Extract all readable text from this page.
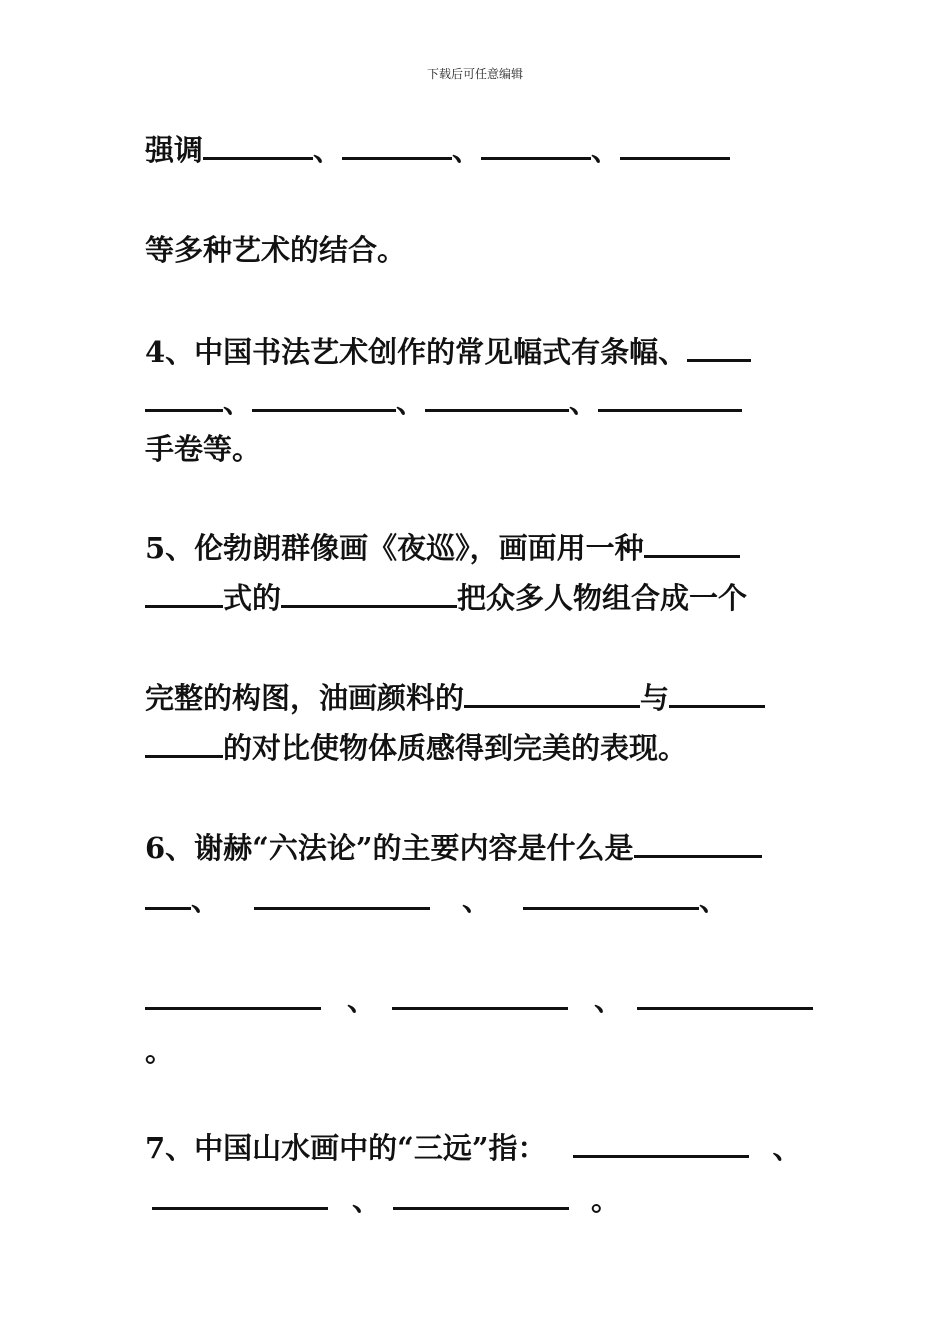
下载后可任意编辑
强调	、	、	、
等多种艺术的结合。
4、中国书法艺术创作的常见幅式有条幅、
、	、	、
手卷等。
5、伦勃朗群像画《夜巡》，画面用一种
式的	把众多人物组合成一个
完整的构图，油画颜料的	与
的对比使物体质感得到完美的表现。
6、谢赫“六法论”的主要内容是什么是
、	、	、
、	、
。
7、中国山水画中的“三远”指：	、
、	。
